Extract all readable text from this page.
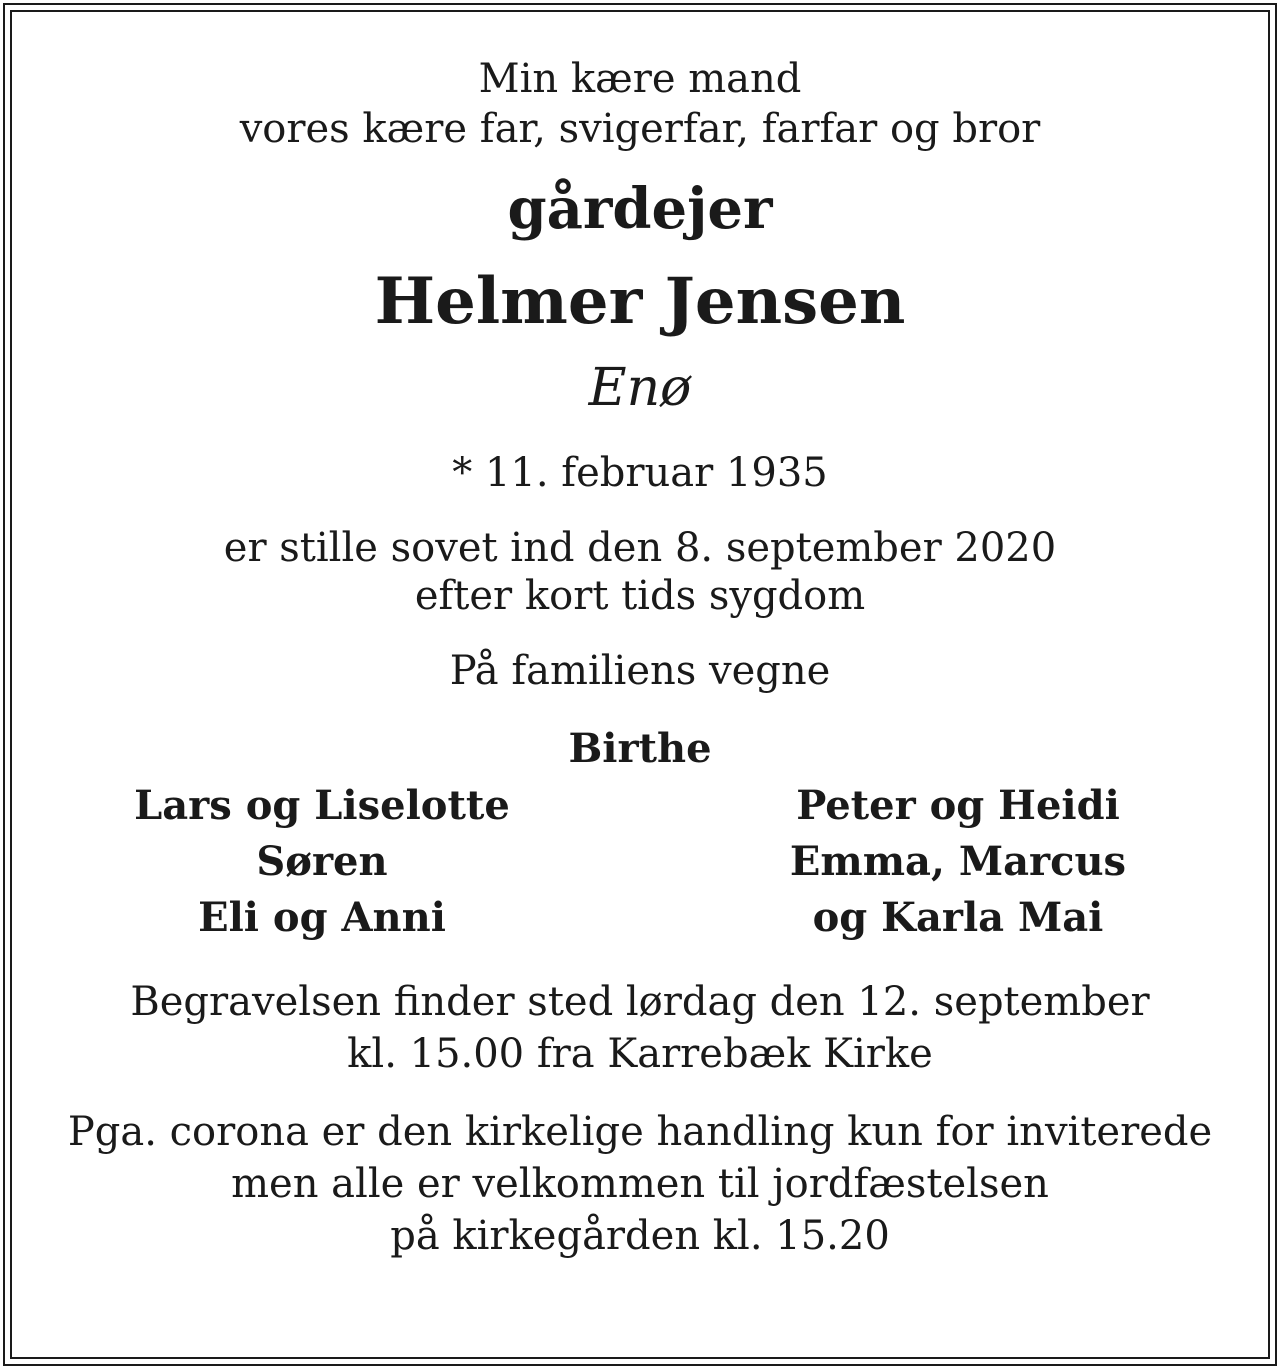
Min kære mand
vores kære far, svigerfar, farfar og bror
gårdejer
Helmer Jensen
Enø
* 11. februar 1935
er stille sovet ind den 8. september 2020
efter kort tids sygdom
På familiens vegne
Birthe
Lars og Liselotte
Søren
Eli og Anni
Peter og Heidi
Emma, Marcus
og Karla Mai
Begravelsen finder sted lørdag den 12. september
kl. 15.00 fra Karrebæk Kirke
Pga. corona er den kirkelige handling kun for inviterede
men alle er velkommen til jordfæstelsen
på kirkegården kl. 15.20
